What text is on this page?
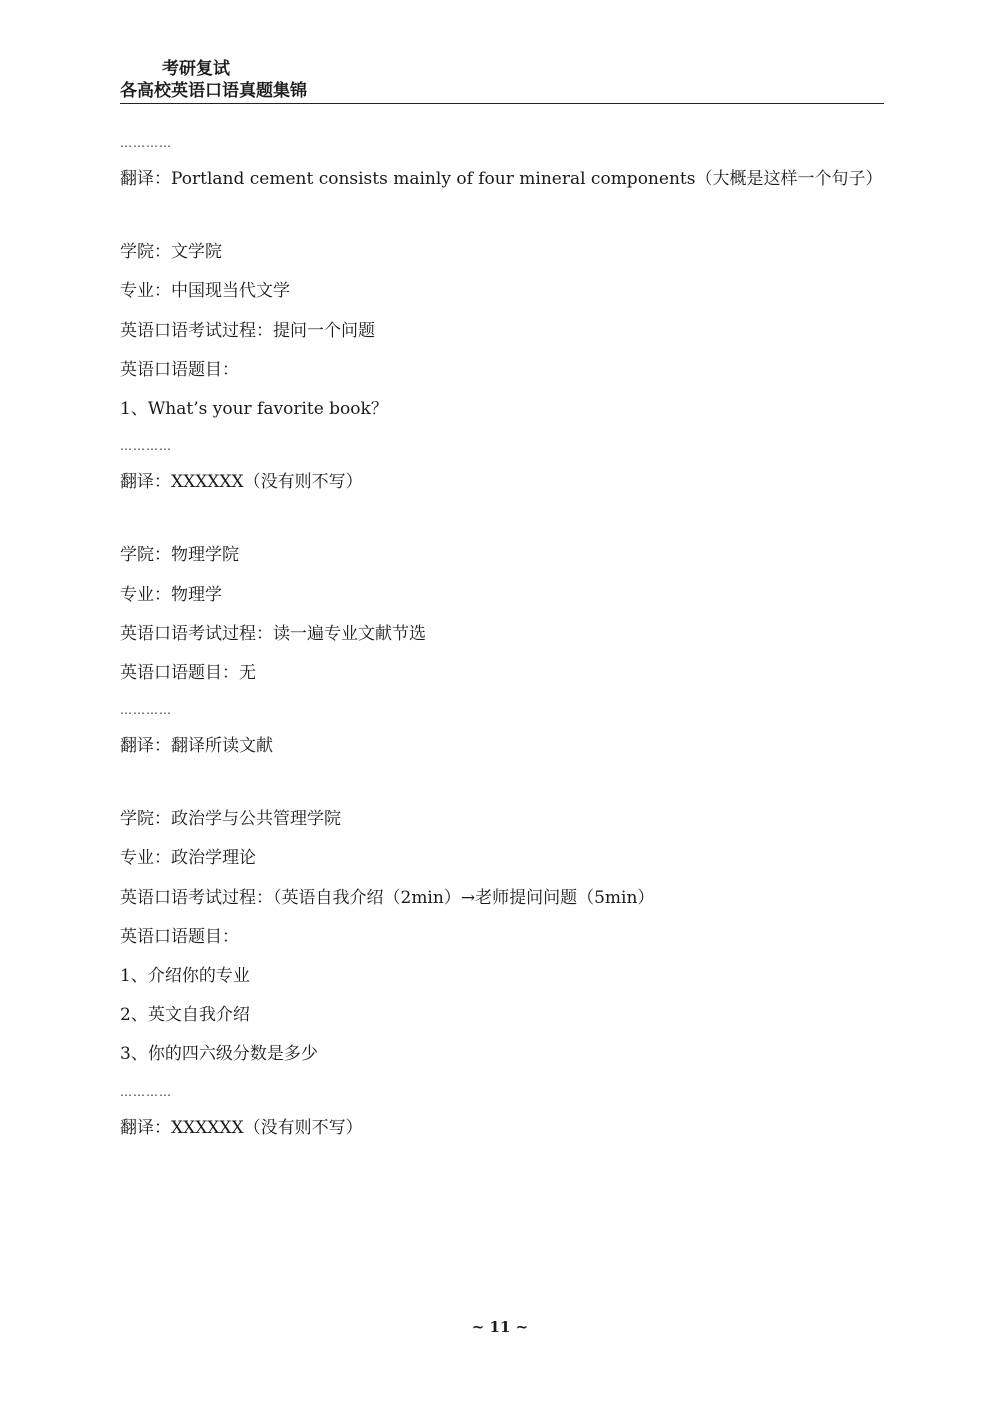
考研复试
各高校英语口语真题集锦
…………
翻译：Portland cement consists mainly of four mineral components（大概是这样一个句子）
学院：文学院
专业：中国现当代文学
英语口语考试过程：提问一个问题
英语口语题目：
1、What’s your favorite book？
…………
翻译：XXXXXX（没有则不写）
学院：物理学院
专业：物理学
英语口语考试过程：读一遍专业文献节选
英语口语题目：无
…………
翻译：翻译所读文献
学院：政治学与公共管理学院
专业：政治学理论
英语口语考试过程：（英语自我介绍（2min）→老师提问问题（5min）
英语口语题目：
1、介绍你的专业
2、英文自我介绍
3、你的四六级分数是多少
…………
翻译：XXXXXX（没有则不写）
~ 11 ~
